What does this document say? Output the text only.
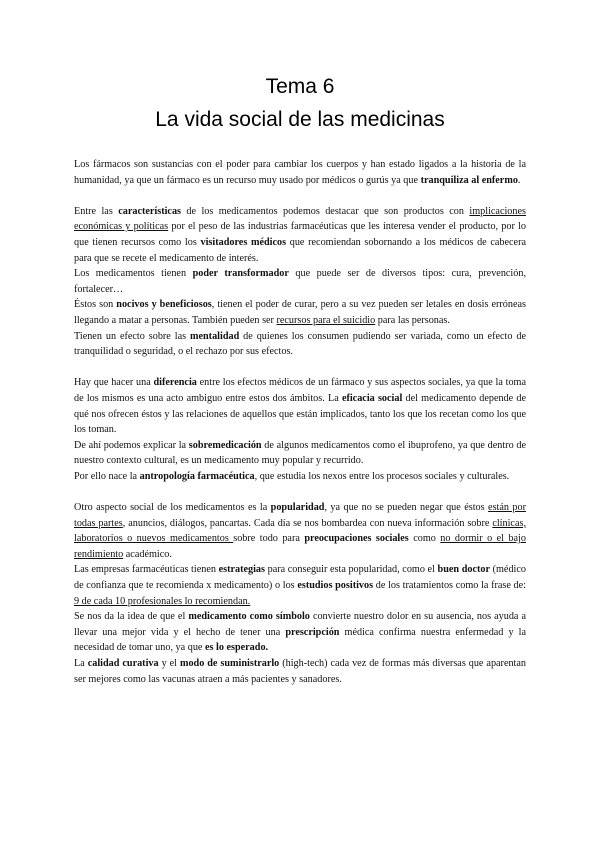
Tema 6
La vida social de las medicinas

Los fármacos son sustancias con el poder para cambiar los cuerpos y han estado ligados a la historia de la humanidad, ya que un fármaco es un recurso muy usado por médicos o gurús ya que tranquiliza al enfermo.

Entre las características de los medicamentos podemos destacar que son productos con implicaciones económicas y políticas por el peso de las industrias farmacéuticas que les interesa vender el producto, por lo que tienen recursos como los visitadores médicos que recomiendan sobornando a los médicos de cabecera para que se recete el medicamento de interés.

Los medicamentos tienen poder transformador que puede ser de diversos tipos: cura, prevención, fortalecer…

Éstos son nocivos y beneficiosos, tienen el poder de curar, pero a su vez pueden ser letales en dosis erróneas llegando a matar a personas. También pueden ser recursos para el suicidio para las personas.

Tienen un efecto sobre las mentalidad de quienes los consumen pudiendo ser variada, como un efecto de tranquilidad o seguridad, o el rechazo por sus efectos.

Hay que hacer una diferencia entre los efectos médicos de un fármaco y sus aspectos sociales, ya que la toma de los mismos es una acto ambiguo entre estos dos ámbitos. La eficacia social del medicamento depende de qué nos ofrecen éstos y las relaciones de aquellos que están implicados, tanto los que los recetan como los que los toman.

De ahí podemos explicar la sobremedicación de algunos medicamentos como el ibuprofeno, ya que dentro de nuestro contexto cultural, es un medicamento muy popular y recurrido.

Por ello nace la antropología farmacéutica, que estudia los nexos entre los procesos sociales y culturales.

Otro aspecto social de los medicamentos es la popularidad, ya que no se pueden negar que éstos están por todas partes, anuncios, diálogos, pancartas. Cada día se nos bombardea con nueva información sobre clínicas, laboratorios o nuevos medicamentos sobre todo para preocupaciones sociales como no dormir o el bajo rendimiento académico.

Las empresas farmacéuticas tienen estrategias para conseguir esta popularidad, como el buen doctor (médico de confianza que te recomienda x medicamento) o los estudios positivos de los tratamientos como la frase de: 9 de cada 10 profesionales lo recomiendan.

Se nos da la idea de que el medicamento como símbolo convierte nuestro dolor en su ausencia, nos ayuda a llevar una mejor vida y el hecho de tener una prescripción médica confirma nuestra enfermedad y la necesidad de tomar uno, ya que es lo esperado.

La calidad curativa y el modo de suministrarlo (high-tech) cada vez de formas más diversas que aparentan ser mejores como las vacunas atraen a más pacientes y sanadores.
